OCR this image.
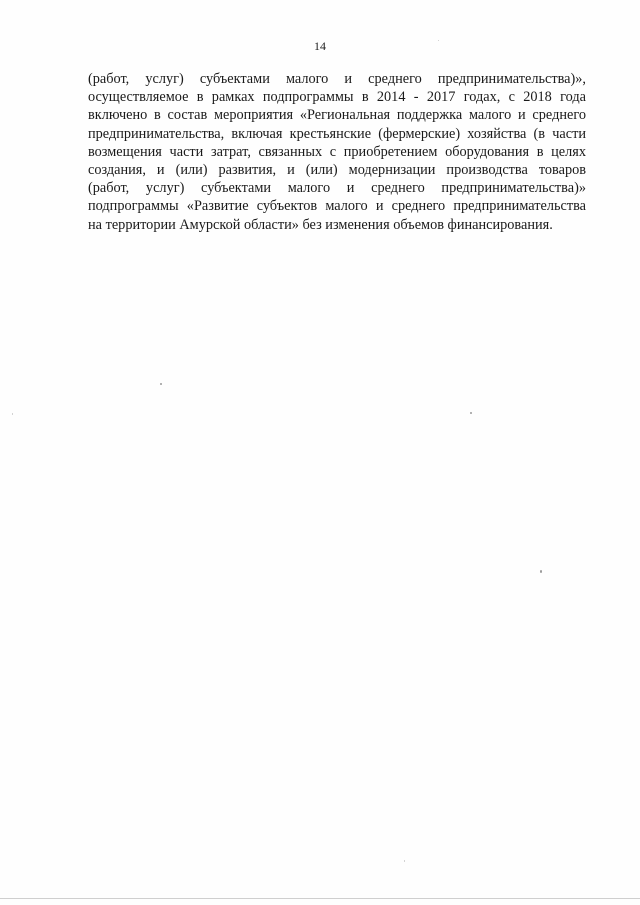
14
(работ, услуг) субъектами малого и среднего предпринимательства)»,
осуществляемое в рамках подпрограммы в 2014 - 2017 годах, с 2018 года
включено в состав мероприятия «Региональная поддержка малого и среднего
предпринимательства, включая крестьянские (фермерские) хозяйства (в части
возмещения части затрат, связанных с приобретением оборудования в целях
создания, и (или) развития, и (или) модернизации производства товаров
(работ, услуг) субъектами малого и среднего предпринимательства)»
подпрограммы «Развитие субъектов малого и среднего предпринимательства
на территории Амурской области» без изменения объемов финансирования.
